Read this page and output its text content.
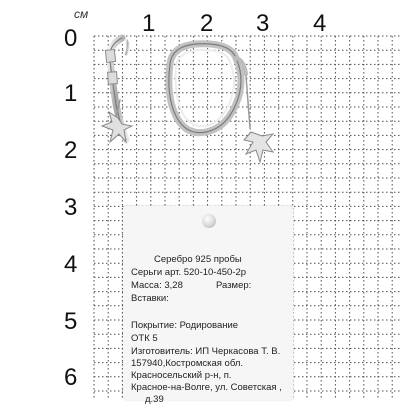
см 1 2 3 4
0
1
2
3
4
5
6
Серебро 925 пробы
Серьги арт. 520-10-450-2р
Масса: 3,28	Размер:
Вставки:
Покрытие: Родирование
ОТК 5
Изготовитель: ИП Черкасова Т. В.
157940,Костромская обл.
Красносельский р-н, п.
Красное-на-Волге, ул. Советская ,
д.39
